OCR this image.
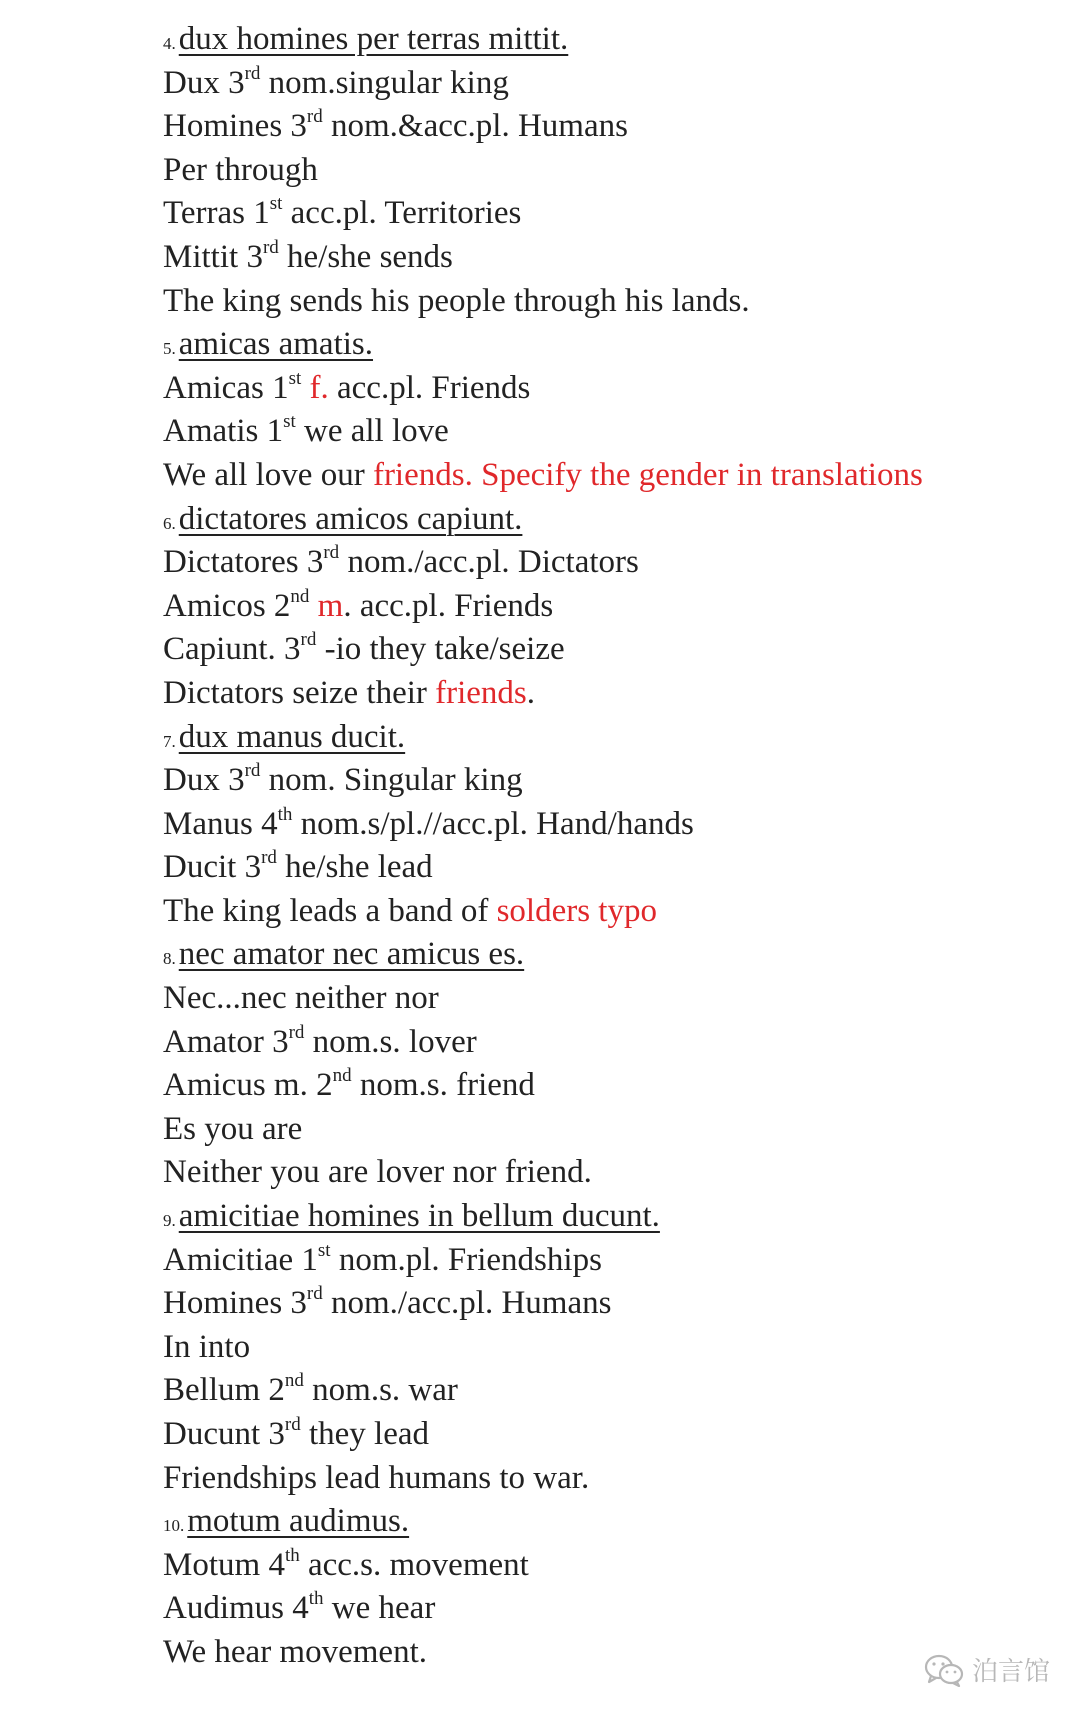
4.dux homines per terras mittit.
Dux 3rd nom.singular king
Homines 3rd nom.&acc.pl. Humans
Per through
Terras 1st acc.pl. Territories
Mittit 3rd he/she sends
The king sends his people through his lands.
5.amicas amatis.
Amicas 1st f. acc.pl. Friends
Amatis 1st we all love
We all love our friends. Specify the gender in translations
6.dictatores amicos capiunt.
Dictatores 3rd nom./acc.pl. Dictators
Amicos 2nd m. acc.pl. Friends
Capiunt. 3rd -io they take/seize
Dictators seize their friends.
7.dux manus ducit.
Dux 3rd nom. Singular king
Manus 4th nom.s/pl.//acc.pl. Hand/hands
Ducit 3rd he/she lead
The king leads a band of solders typo
8.nec amator nec amicus es.
Nec...nec neither nor
Amator 3rd nom.s. lover
Amicus m. 2nd nom.s. friend
Es you are
Neither you are lover nor friend.
9.amicitiae homines in bellum ducunt.
Amicitiae 1st nom.pl. Friendships
Homines 3rd nom./acc.pl. Humans
In into
Bellum 2nd nom.s. war
Ducunt 3rd they lead
Friendships lead humans to war.
10.motum audimus.
Motum 4th acc.s. movement
Audimus 4th we hear
We hear movement.
泊言馆
